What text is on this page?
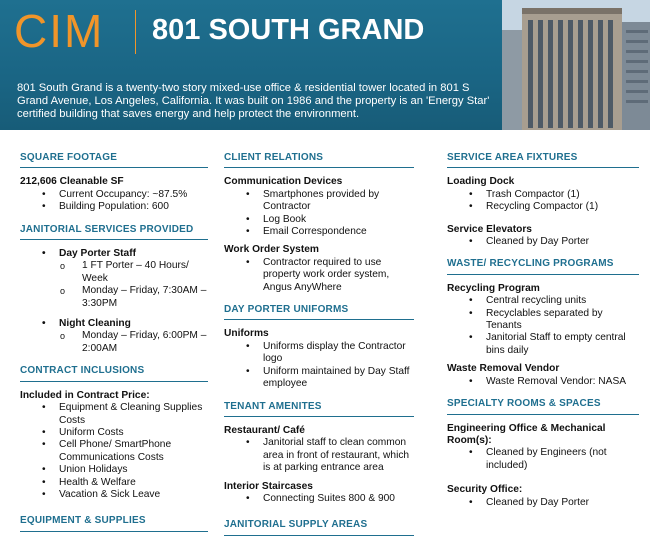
CIM 801 SOUTH GRAND
801 South Grand is a twenty-two story mixed-use office & residential tower located in 801 S Grand Avenue, Los Angeles, California. It was built on 1986 and the property is an 'Energy Star' certified building that saves energy and help protect the environment.
SQUARE FOOTAGE
212,606 Cleanable SF
• Current Occupancy: ~87.5%
• Building Population: 600
JANITORIAL SERVICES PROVIDED
• Day Porter Staff
o 1 FT Porter – 40 Hours/ Week
o Monday – Friday, 7:30AM – 3:30PM
• Night Cleaning
o Monday – Friday, 6:00PM – 2:00AM
CONTRACT INCLUSIONS
Included in Contract Price:
• Equipment & Cleaning Supplies Costs
• Uniform Costs
• Cell Phone/ SmartPhone Communications Costs
• Union Holidays
• Health & Welfare
• Vacation & Sick Leave
EQUIPMENT & SUPPLIES
CLIENT RELATIONS
Communication Devices
• Smartphones provided by Contractor
• Log Book
• Email Correspondence
Work Order System
• Contractor required to use property work order system, Angus AnyWhere
DAY PORTER UNIFORMS
Uniforms
• Uniforms display the Contractor logo
• Uniform maintained by Day Staff employee
TENANT AMENITES
Restaurant/ Café
• Janitorial staff to clean common area in front of restaurant, which is at parking entrance area
Interior Staircases
• Connecting Suites 800 & 900
JANITORIAL SUPPLY AREAS
SERVICE AREA FIXTURES
Loading Dock
• Trash Compactor (1)
• Recycling Compactor (1)
Service Elevators
• Cleaned by Day Porter
WASTE/ RECYCLING PROGRAMS
Recycling Program
• Central recycling units
• Recyclables separated by Tenants
• Janitorial Staff to empty central bins daily
Waste Removal Vendor
• Waste Removal Vendor: NASA
SPECIALTY ROOMS & SPACES
Engineering Office & Mechanical Room(s):
• Cleaned by Engineers (not included)
Security Office:
• Cleaned by Day Porter
